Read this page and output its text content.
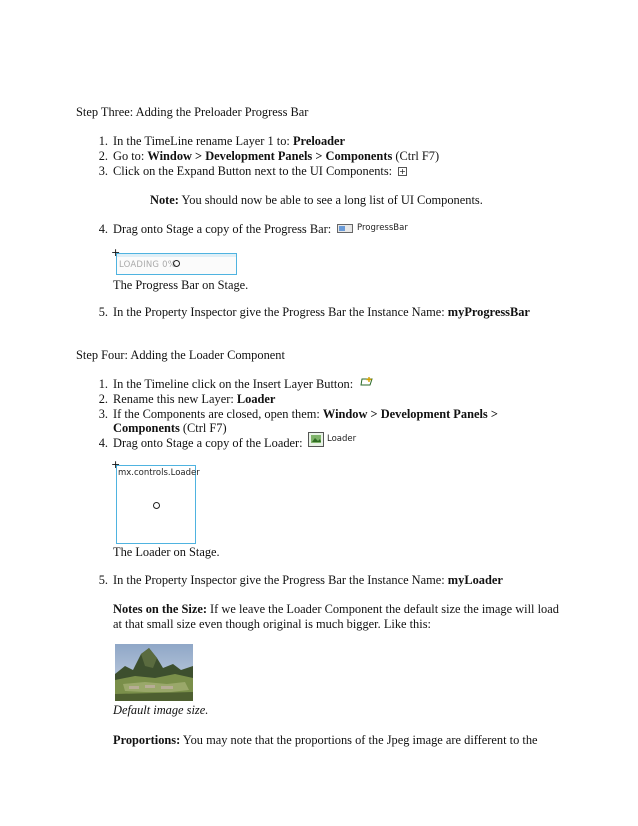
Step Three: Adding the Preloader Progress Bar
1. In the TimeLine rename Layer 1 to: Preloader
2. Go to: Window > Development Panels > Components (Ctrl F7)
3. Click on the Expand Button next to the UI Components: +
Note: You should now be able to see a long list of UI Components.
4. Drag onto Stage a copy of the Progress Bar:	ProgressBar
LOADING 0%
+
The Progress Bar on Stage.
5. In the Property Inspector give the Progress Bar the Instance Name: myProgressBar
Step Four: Adding the Loader Component
1. In the Timeline click on the Insert Layer Button:
2. Rename this new Layer: Loader
3. If the Components are closed, open them: Window > Development Panels >
Components (Ctrl F7)
4. Drag onto Stage a copy of the Loader:	Loader
mx.controls.Loader
+
The Loader on Stage.
5. In the Property Inspector give the Progress Bar the Instance Name: myLoader
Notes on the Size: If we leave the Loader Component the default size the image will load
at that small size even though original is much bigger. Like this:
Default image size.
Proportions: You may note that the proportions of the Jpeg image are different to the
